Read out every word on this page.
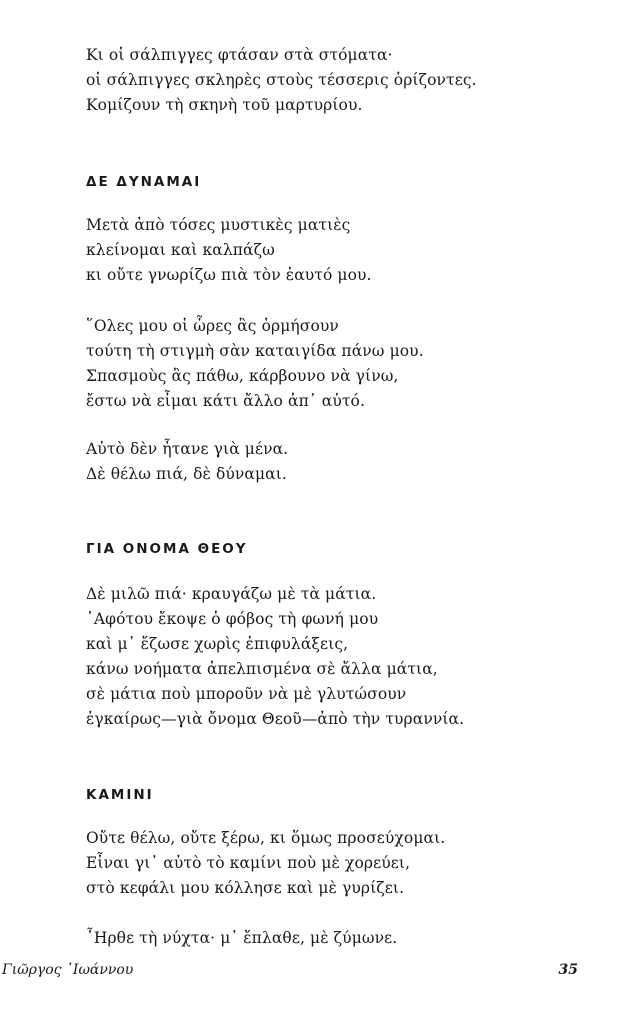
Κι οἱ σάλπιγγες φτάσαν στὰ στόματα·
οἱ σάλπιγγες σκληρὲς στοὺς τέσσερις ὁρίζοντες.
Κομίζουν τὴ σκηνὴ τοῦ μαρτυρίου.
ΔΕ ΔΥΝΑΜΑΙ
Μετὰ ἀπὸ τόσες μυστικὲς ματιὲς
κλείνομαι καὶ καλπάζω
κι οὔτε γνωρίζω πιὰ τὸν ἑαυτό μου.
῞Ολες μου οἱ ὧρες ἂς ὁρμήσουν
τούτη τὴ στιγμὴ σὰν καταιγίδα πάνω μου.
Σπασμοὺς ἂς πάθω, κάρβουνο νὰ γίνω,
ἔστω νὰ εἶμαι κάτι ἄλλο ἀπ᾿ αὐτό.
Αὐτὸ δὲν ἦτανε γιὰ μένα.
Δὲ θέλω πιά, δὲ δύναμαι.
ΓΙΑ ΟΝΟΜΑ ΘΕΟΥ
Δὲ μιλῶ πιά· κραυγάζω μὲ τὰ μάτια.
᾿Αφότου ἔκοψε ὁ φόβος τὴ φωνή μου
καὶ μ᾿ ἔζωσε χωρὶς ἐπιφυλάξεις,
κάνω νοήματα ἀπελπισμένα σὲ ἄλλα μάτια,
σὲ μάτια ποὺ μποροῦν νὰ μὲ γλυτώσουν
ἐγκαίρως—γιὰ ὄνομα Θεοῦ—ἀπὸ τὴν τυραννία.
ΚΑΜΙΝΙ
Οὔτε θέλω, οὔτε ξέρω, κι ὅμως προσεύχομαι.
Εἶναι γι᾿ αὐτὸ τὸ καμίνι ποὺ μὲ χορεύει,
στὸ κεφάλι μου κόλλησε καὶ μὲ γυρίζει.
῏Ηρθε τὴ νύχτα· μ᾿ ἔπλαθε, μὲ ζύμωνε.
Γιῶργος ᾿Ιωάννου	35
